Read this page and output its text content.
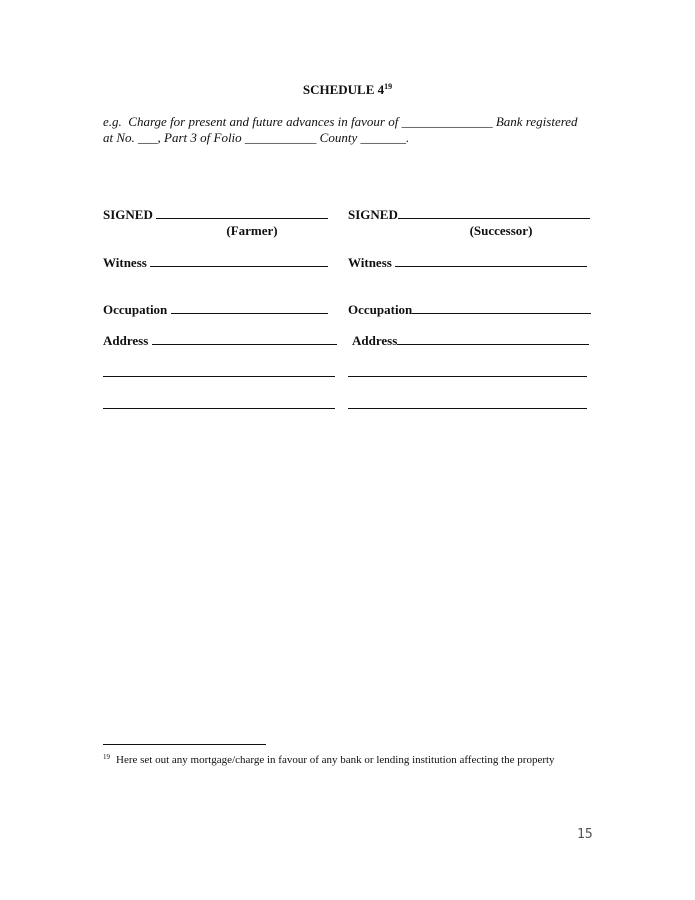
SCHEDULE $4^{19}$
e.g.  Charge for present and future advances in favour of ______________ Bank registered
at No. ___, Part 3 of Folio ___________ County _______.
SIGNED
(Farmer)
Witness
Occupation
Address
SIGNED
(Successor)
Witness
Occupation
Address
$^{19}$ Here set out any mortgage/charge in favour of any bank or lending institution affecting the property
15
